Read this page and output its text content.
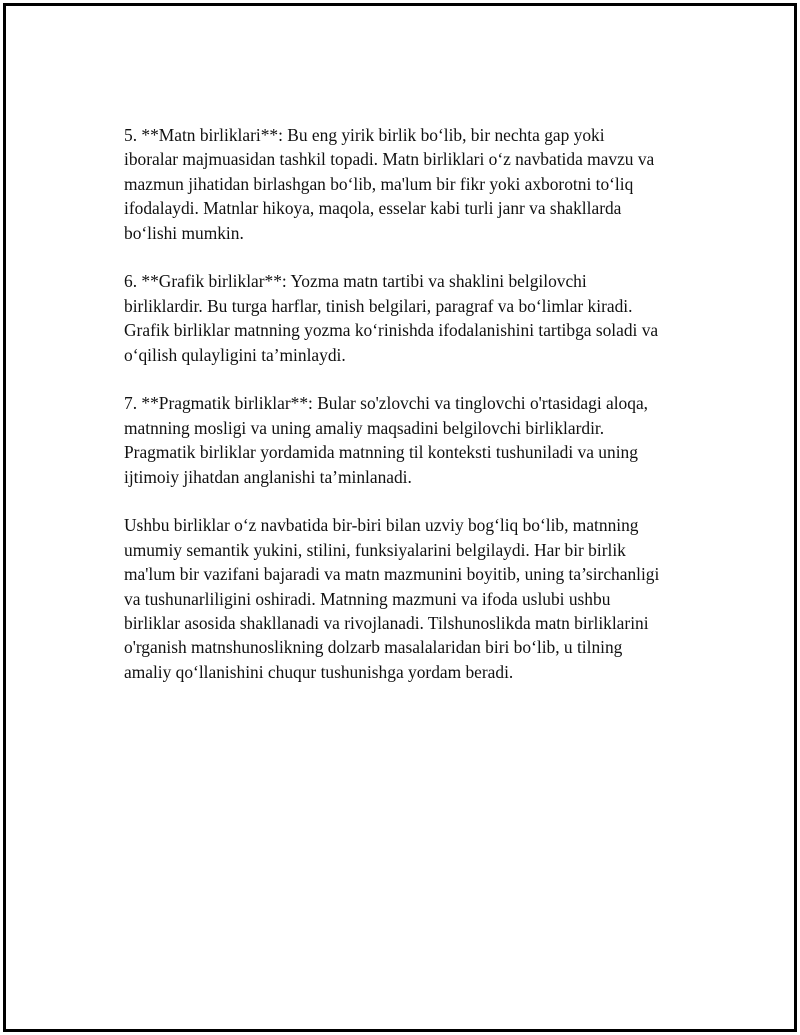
5. **Matn birliklari**: Bu eng yirik birlik bo‘lib, bir nechta gap yoki
iboralar majmuasidan tashkil topadi. Matn birliklari o‘z navbatida mavzu va
mazmun jihatidan birlashgan bo‘lib, ma'lum bir fikr yoki axborotni to‘liq
ifodalaydi. Matnlar hikoya, maqola, esselar kabi turli janr va shakllarda
bo‘lishi mumkin.

6. **Grafik birliklar**: Yozma matn tartibi va shaklini belgilovchi
birliklardir. Bu turga harflar, tinish belgilari, paragraf va bo‘limlar kiradi.
Grafik birliklar matnning yozma ko‘rinishda ifodalanishini tartibga soladi va
o‘qilish qulayligini ta’minlaydi.

7. **Pragmatik birliklar**: Bular so'zlovchi va tinglovchi o'rtasidagi aloqa,
matnning mosligi va uning amaliy maqsadini belgilovchi birliklardir.
Pragmatik birliklar yordamida matnning til konteksti tushuniladi va uning
ijtimoiy jihatdan anglanishi ta’minlanadi.

Ushbu birliklar o‘z navbatida bir-biri bilan uzviy bog‘liq bo‘lib, matnning
umumiy semantik yukini, stilini, funksiyalarini belgilaydi. Har bir birlik
ma'lum bir vazifani bajaradi va matn mazmunini boyitib, uning ta’sirchanligi
va tushunarliligini oshiradi. Matnning mazmuni va ifoda uslubi ushbu
birliklar asosida shakllanadi va rivojlanadi. Tilshunoslikda matn birliklarini
o'rganish matnshunoslikning dolzarb masalalaridan biri bo‘lib, u tilning
amaliy qo‘llanishini chuqur tushunishga yordam beradi.
